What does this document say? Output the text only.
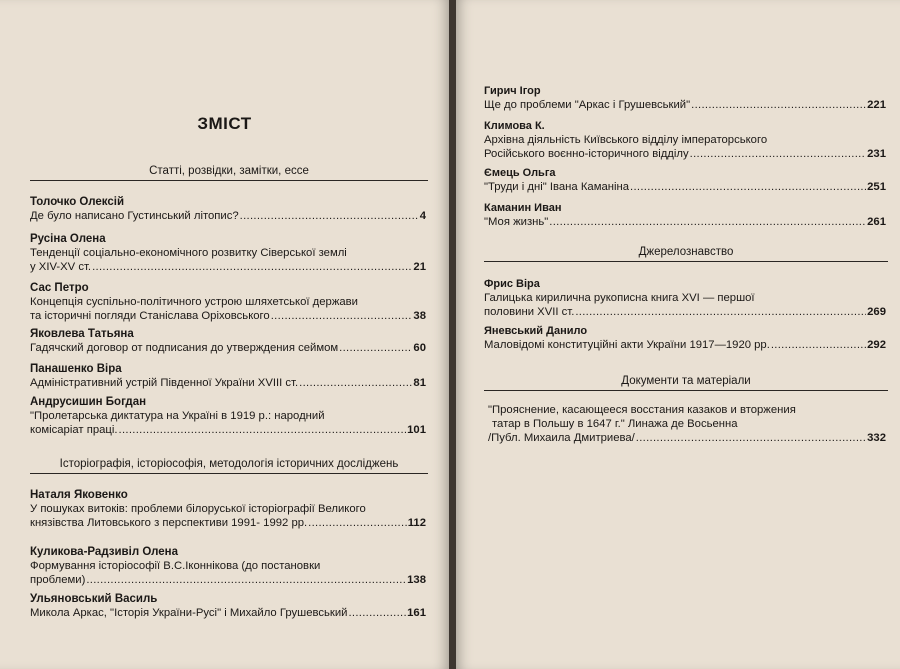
ЗМІСТ
Статті, розвідки, замітки, ессе
Толочко Олексій
Де було написано Густинський літопис? .....	4
Русіна Олена
Тенденції соціально-економічного розвитку Сіверської землі
у XIV-XV ст. .....	21
Сас Петро
Концепція суспільно-політичного устрою шляхетської держави
та історичні погляди Станіслава Оріховського .....	38
Яковлева Татьяна
Гадячский договор от подписания до утверждения сеймом .....	60
Панашенко Віра
Адміністративний устрій Південної України XVIII ст. .....	81
Андрусишин Богдан
"Пролетарська диктатура на Україні в 1919 р.: народний
комісаріат праці. .....	101
Історіографія, історіософія, методологія історичних досліджень
Наталя Яковенко
У пошуках витоків: проблеми білоруської історіографії Великого
князівства Литовського з перспективи 1991- 1992 рр. .....	112
Куликова-Радзивіл Олена
Формування історіософії В.С.Іконнікова (до постановки
проблеми) .....	138
Ульяновський Василь
Микола Аркас, "Історія України-Русі" і Михайло Грушевський .....	161
Гирич Ігор
Ще до проблеми "Аркас і Грушевський" .....	221
Климова К.
Архівна діяльність Київського відділу імператорського
Російського воєнно-історичного відділу .....	231
Ємець Ольга
"Труди і дні" Івана Каманіна .....	251
Каманин Иван
"Моя жизнь" .....	261
Джерелознавство
Фрис Віра
Галицька кирилична рукописна книга XVI — першої
половини XVII ст. .....	269
Яневський Данило
Маловідомі конституційні акти України 1917—1920 рр. .....	292
Документи та матеріали
"Прояснение, касающееся восстания казаков и вторжения
татар в Польшу в 1647 г." Линажа де Восьенна
/Публ. Михаила Дмитриева/ .....	332
